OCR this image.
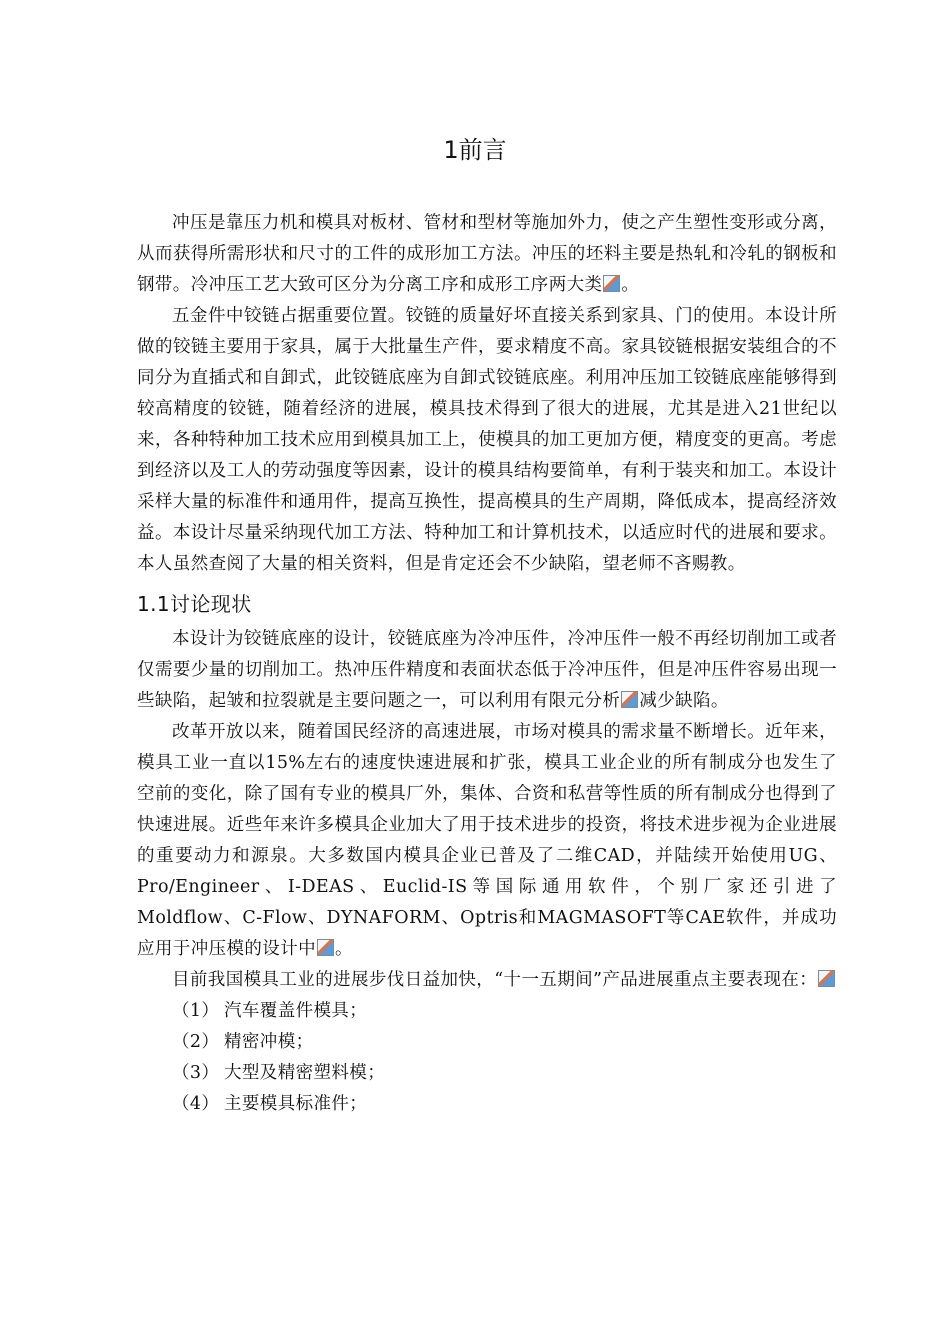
1前言

冲压是靠压力机和模具对板材、管材和型材等施加外力，使之产生塑性变形或分离，从而获得所需形状和尺寸的工件的成形加工方法。冲压的坯料主要是热轧和冷轧的钢板和钢带。冷冲压工艺大致可区分为分离工序和成形工序两大类 。

五金件中铰链占据重要位置。铰链的质量好坏直接关系到家具、门的使用。本设计所做的铰链主要用于家具，属于大批量生产件，要求精度不高。家具铰链根据安装组合的不同分为直插式和自卸式，此铰链底座为自卸式铰链底座。利用冲压加工铰链底座能够得到较高精度的铰链，随着经济的进展，模具技术得到了很大的进展，尤其是进入21世纪以来，各种特种加工技术应用到模具加工上，使模具的加工更加方便，精度变的更高。考虑到经济以及工人的劳动强度等因素，设计的模具结构要简单，有利于装夹和加工。本设计采样大量的标准件和通用件，提高互换性，提高模具的生产周期，降低成本，提高经济效益。本设计尽量采纳现代加工方法、特种加工和计算机技术，以适应时代的进展和要求。本人虽然查阅了大量的相关资料，但是肯定还会不少缺陷，望老师不吝赐教。

1.1讨论现状

本设计为铰链底座的设计，铰链底座为冷冲压件，冷冲压件一般不再经切削加工或者仅需要少量的切削加工。热冲压件精度和表面状态低于冷冲压件，但是冲压件容易出现一些缺陷，起皱和拉裂就是主要问题之一，可以利用有限元分析 减少缺陷。

改革开放以来，随着国民经济的高速进展，市场对模具的需求量不断增长。近年来，模具工业一直以15%左右的速度快速进展和扩张，模具工业企业的所有制成分也发生了空前的变化，除了国有专业的模具厂外，集体、合资和私营等性质的所有制成分也得到了快速进展。近些年来许多模具企业加大了用于技术进步的投资，将技术进步视为企业进展的重要动力和源泉。大多数国内模具企业已普及了二维CAD，并陆续开始使用UG、Pro/Engineer、I-DEAS、Euclid-IS等国际通用软件，个别厂家还引进了Moldflow、C-Flow、DYNAFORM、Optris和MAGMASOFT等CAE软件，并成功应用于冲压模的设计中 。

目前我国模具工业的进展步伐日益加快，“十一五期间”产品进展重点主要表现在：

（1） 汽车覆盖件模具；
（2） 精密冲模；
（3） 大型及精密塑料模；
（4） 主要模具标准件；
